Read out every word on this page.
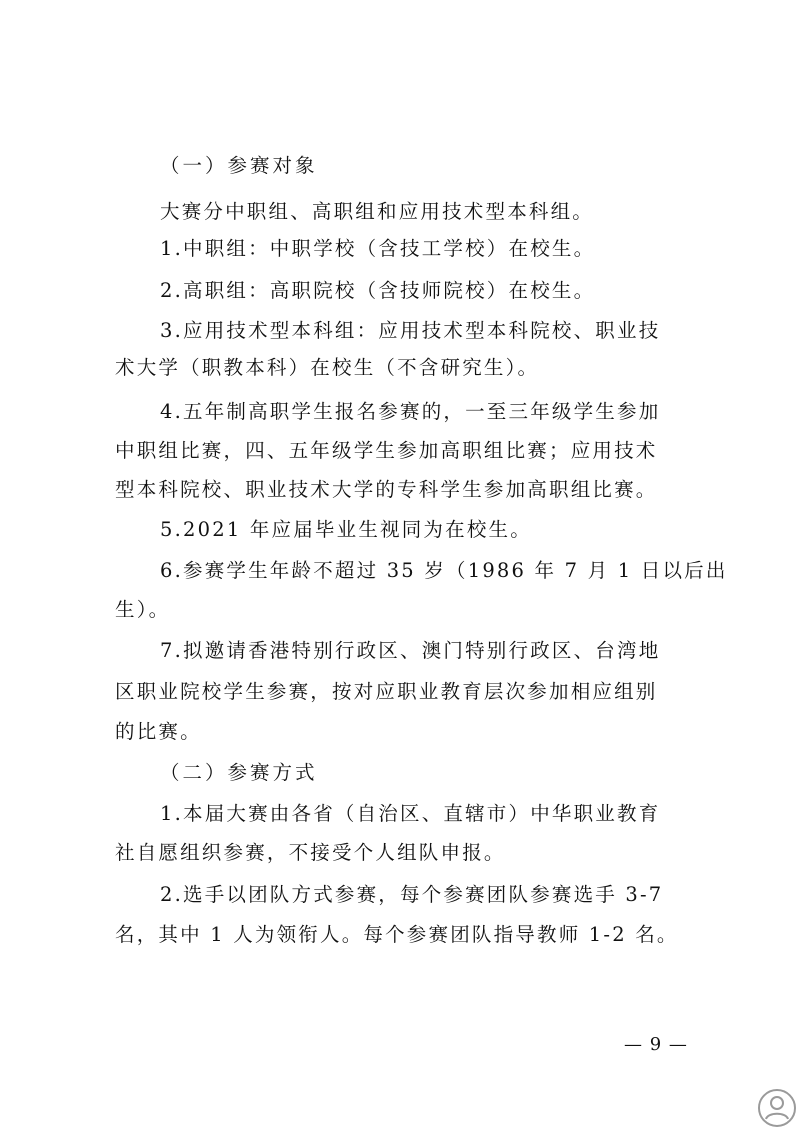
（一）参赛对象
大赛分中职组、高职组和应用技术型本科组。
1.中职组：中职学校（含技工学校）在校生。
2.高职组：高职院校（含技师院校）在校生。
3.应用技术型本科组：应用技术型本科院校、职业技
术大学（职教本科）在校生（不含研究生）。
4.五年制高职学生报名参赛的，一至三年级学生参加
中职组比赛，四、五年级学生参加高职组比赛；应用技术
型本科院校、职业技术大学的专科学生参加高职组比赛。
5.2021 年应届毕业生视同为在校生。
6.参赛学生年龄不超过 35 岁（1986 年 7 月 1 日以后出
生）。
7.拟邀请香港特别行政区、澳门特别行政区、台湾地
区职业院校学生参赛，按对应职业教育层次参加相应组别
的比赛。
（二）参赛方式
1.本届大赛由各省（自治区、直辖市）中华职业教育
社自愿组织参赛，不接受个人组队申报。
2.选手以团队方式参赛，每个参赛团队参赛选手 3-7
名，其中 1 人为领衔人。每个参赛团队指导教师 1-2 名。
— 9 —
